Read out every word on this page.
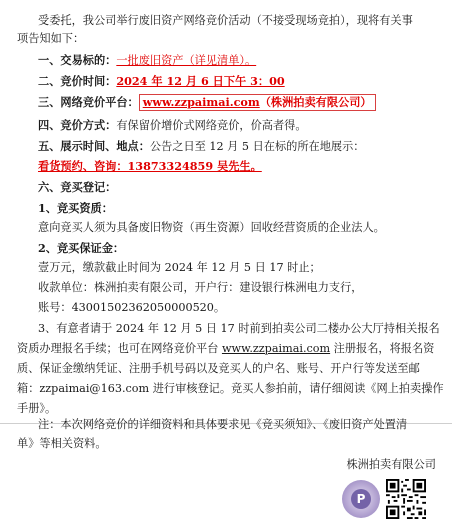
受委托，我公司举行废旧资产网络竞价活动（不接受现场竞拍），现将有关事
项告知如下：
一、交易标的：一批废旧资产（详见清单）。
二、竞价时间：2024 年 12 月 6 日下午 3：00
三、网络竞价平台： www.zzpaimai.com（株洲拍卖有限公司）
四、竞价方式：有保留价增价式网络竞价，价高者得。
五、展示时间、地点：公告之日至 12 月 5 日在标的所在地展示：
看货预约、咨询：13873324859 吴先生。
六、竞买登记：
1、竞买资质：
意向竞买人须为具备废旧物资（再生资源）回收经营资质的企业法人。
2、竞买保证金：
壹万元，缴款截止时间为 2024 年 12 月 5 日 17 时止；
收款单位：株洲拍卖有限公司，开户行：建设银行株洲电力支行，
账号：43001502362050000520。
3、有意者请于 2024 年 12 月 5 日 17 时前到拍卖公司二楼办公大厅持相关报名
资质办理报名手续；也可在网络竞价平台 www.zzpaimai.com 注册报名，将报名资
质、保证金缴纳凭证、注册手机号码以及竞买人的户名、账号、开户行等发送至邮
箱：zzpaimai@163.com 进行审核登记。竞买人参拍前，请仔细阅读《网上拍卖操作
手册》。
注：本次网络竞价的详细资料和具体要求见《竞买须知》、《废旧资产处置清
单》等相关资料。
株洲拍卖有限公司
P
